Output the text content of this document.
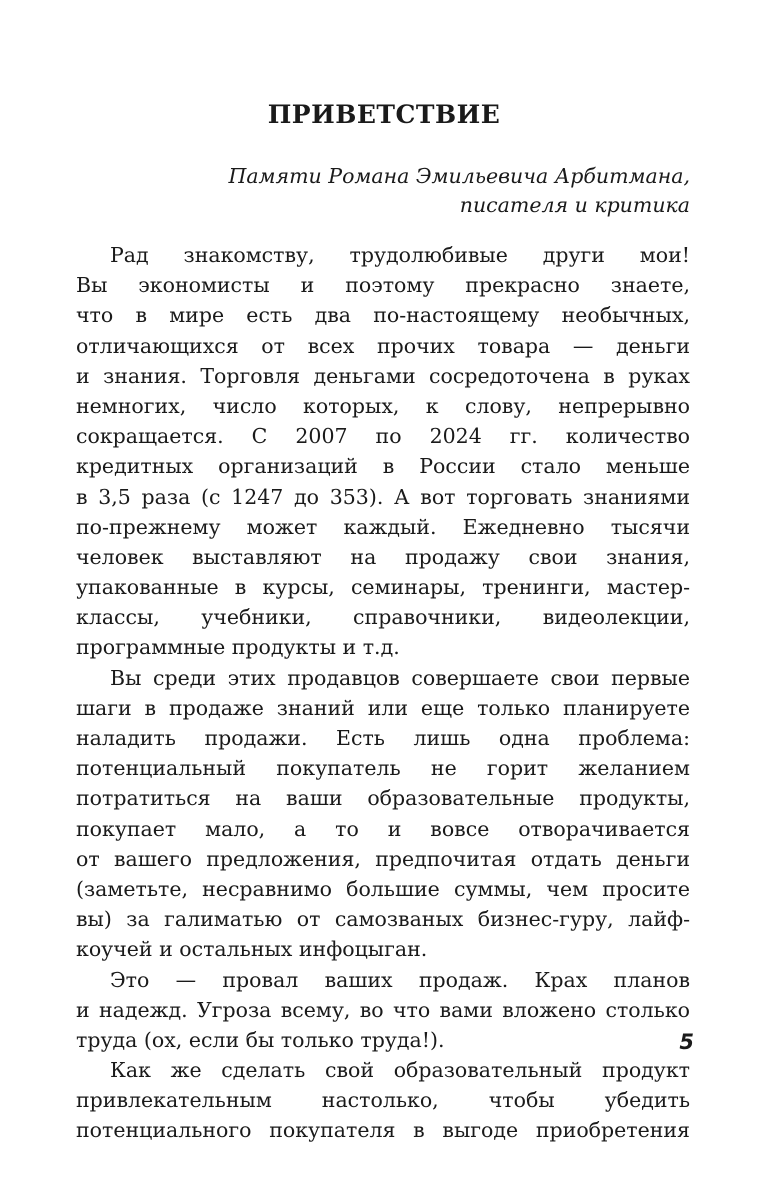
ПРИВЕТСТВИЕ
Памяти Романа Эмильевича Арбитмана,
писателя и критика
Рад знакомству, трудолюбивые други мои!
Вы экономисты и поэтому прекрасно знаете,
что в мире есть два по-настоящему необычных,
отличающихся от всех прочих товара — деньги
и знания. Торговля деньгами сосредоточена в руках
немногих, число которых, к слову, непрерывно
сокращается. С 2007 по 2024 гг. количество
кредитных организаций в России стало меньше
в 3,5 раза (с 1247 до 353). А вот торговать знаниями
по-прежнему может каждый. Ежедневно тысячи
человек выставляют на продажу свои знания,
упакованные в курсы, семинары, тренинги, мастер-
классы, учебники, справочники, видеолекции,
программные продукты и т.д.
Вы среди этих продавцов совершаете свои первые
шаги в продаже знаний или еще только планируете
наладить продажи. Есть лишь одна проблема:
потенциальный покупатель не горит желанием
потратиться на ваши образовательные продукты,
покупает мало, а то и вовсе отворачивается
от вашего предложения, предпочитая отдать деньги
(заметьте, несравнимо большие суммы, чем просите
вы) за галиматью от самозваных бизнес-гуру, лайф-
коучей и остальных инфоцыган.
Это — провал ваших продаж. Крах планов
и надежд. Угроза всему, во что вами вложено столько
труда (ох, если бы только труда!).
Как же сделать свой образовательный продукт
привлекательным настолько, чтобы убедить
потенциального покупателя в выгоде приобретения
5
